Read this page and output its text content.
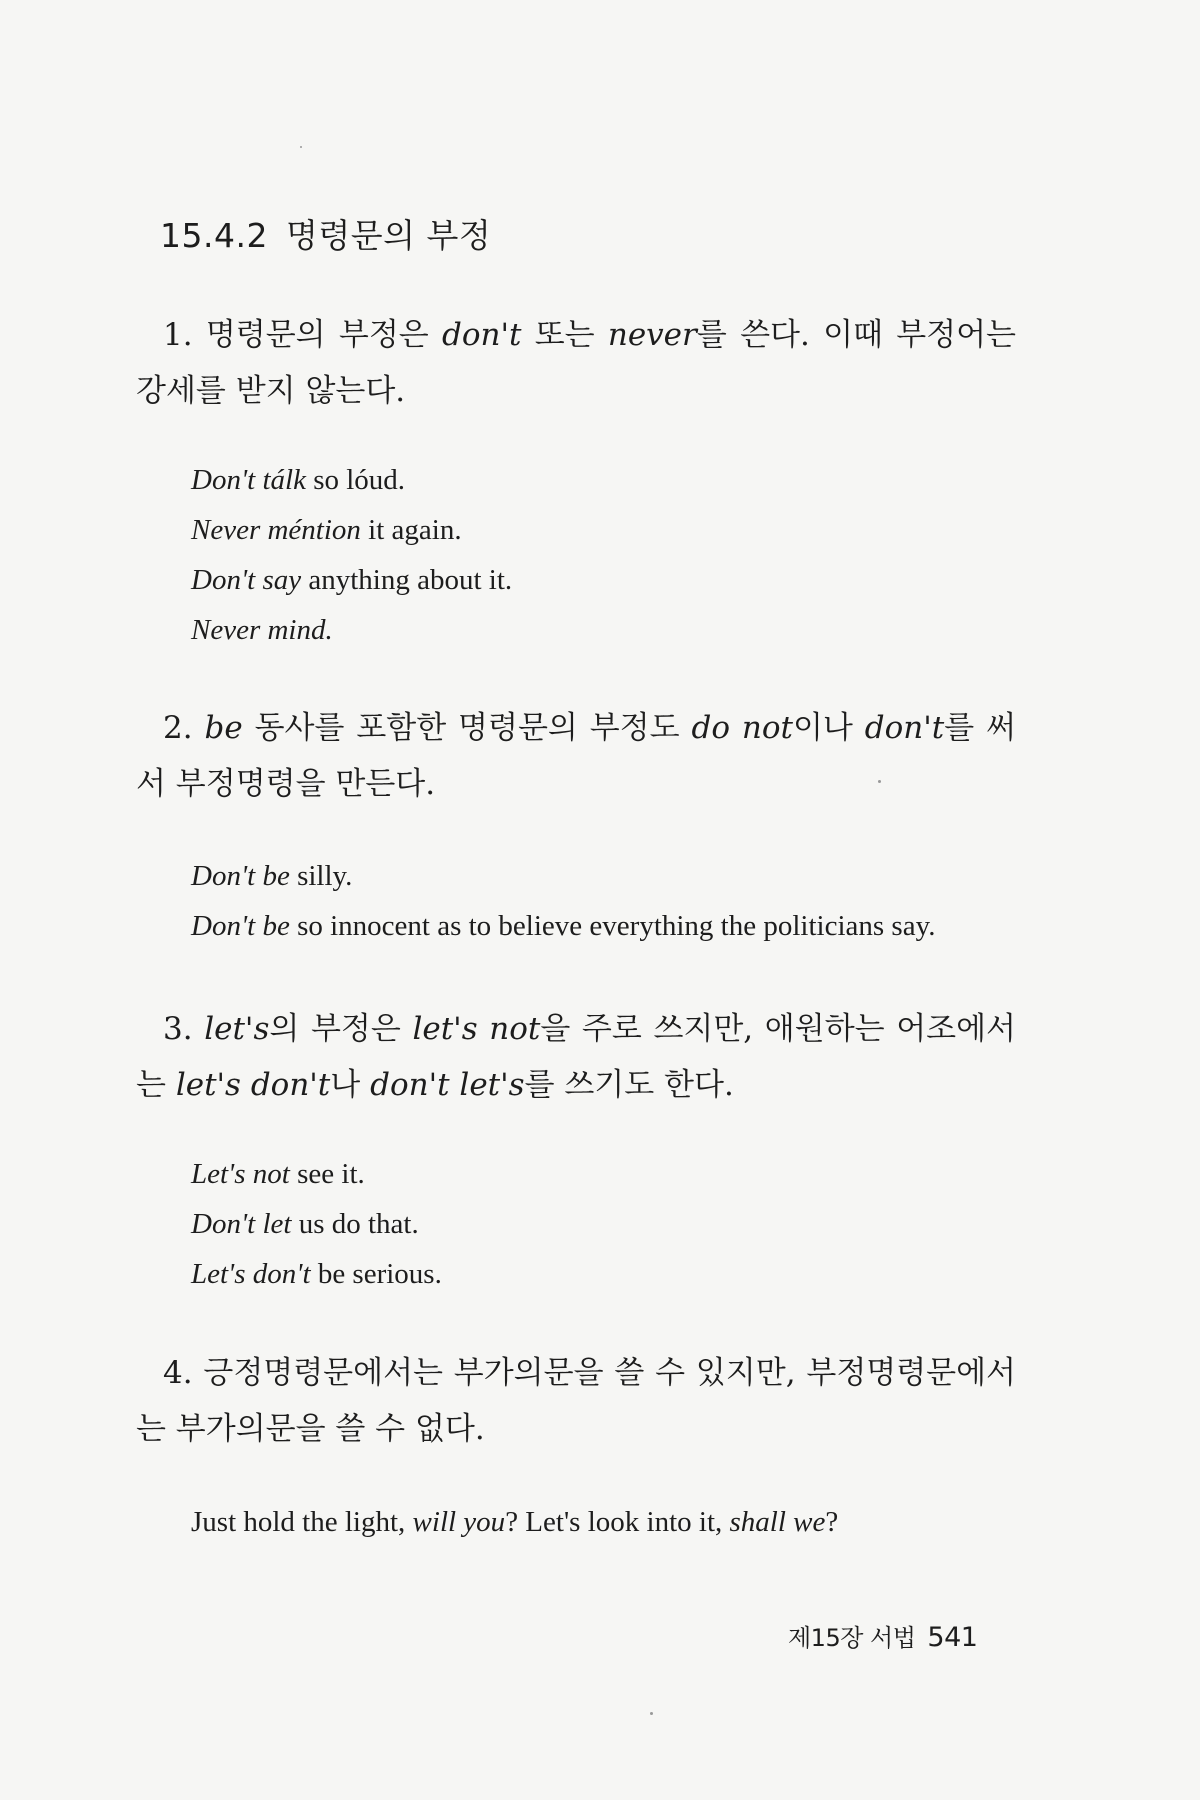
15.4.2 명령문의 부정
1. 명령문의 부정은 don't 또는 never를 쓴다. 이때 부정어는 강세를 받지 않는다.
Don't tálk so lóud.
Never méntion it again.
Don't say anything about it.
Never mind.
2. be 동사를 포함한 명령문의 부정도 do not이나 don't를 써서 부정명령을 만든다.
Don't be silly.
Don't be so innocent as to believe everything the politicians say.
3. let's의 부정은 let's not을 주로 쓰지만, 애원하는 어조에서는 let's don't나 don't let's를 쓰기도 한다.
Let's not see it.
Don't let us do that.
Let's don't be serious.
4. 긍정명령문에서는 부가의문을 쓸 수 있지만, 부정명령문에서는 부가의문을 쓸 수 없다.
Just hold the light, will you? Let's look into it, shall we?
제15장 서법 541
